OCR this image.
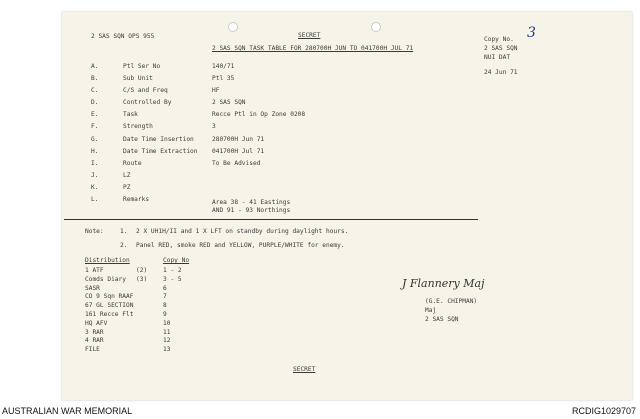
2 SAS SQN OPS 955	SECRET
2 SAS SQN TASK TABLE FOR 280700H JUN TO 041700H JUL 71
Copy No. 3
2 SAS SQN
NUI DAT
24 Jun 71
A.	Ptl Ser No	140/71
B.	Sub Unit	Ptl 35
C.	C/S and Freq	HF
D.	Controlled By	2 SAS SQN
E.	Task	Recce Ptl in Op Zone 0208
F.	Strength	3
G.	Date Time Insertion	280700H Jun 71
H.	Date Time Extraction 041700H Jul 71
I.	Route	To Be Advised
J.	LZ
K.	PZ
L.	Remarks	Area 38 - 41 Eastings
AND 91 - 93 Northings
Note:	1. 2 X UH1H/II and 1 X LFT on standby during daylight hours.
2. Panel RED, smoke RED and YELLOW, PURPLE/WHITE for enemy.
Distribution	Copy No
1 ATF	(2)	1 - 2
Comds Diary (3)	3 - 5
SASR	6
CO 9 Sqn RAAF	7
67 GL SECTION	8
161 Recce Flt	9
HQ AFV	10
3 RAR	11
4 RAR	12
FILE	13
J Flannery Maj
(G.E. CHIPMAN)
Maj
2 SAS SQN
SECRET
AUSTRALIAN WAR MEMORIAL	RCDIG1029707
